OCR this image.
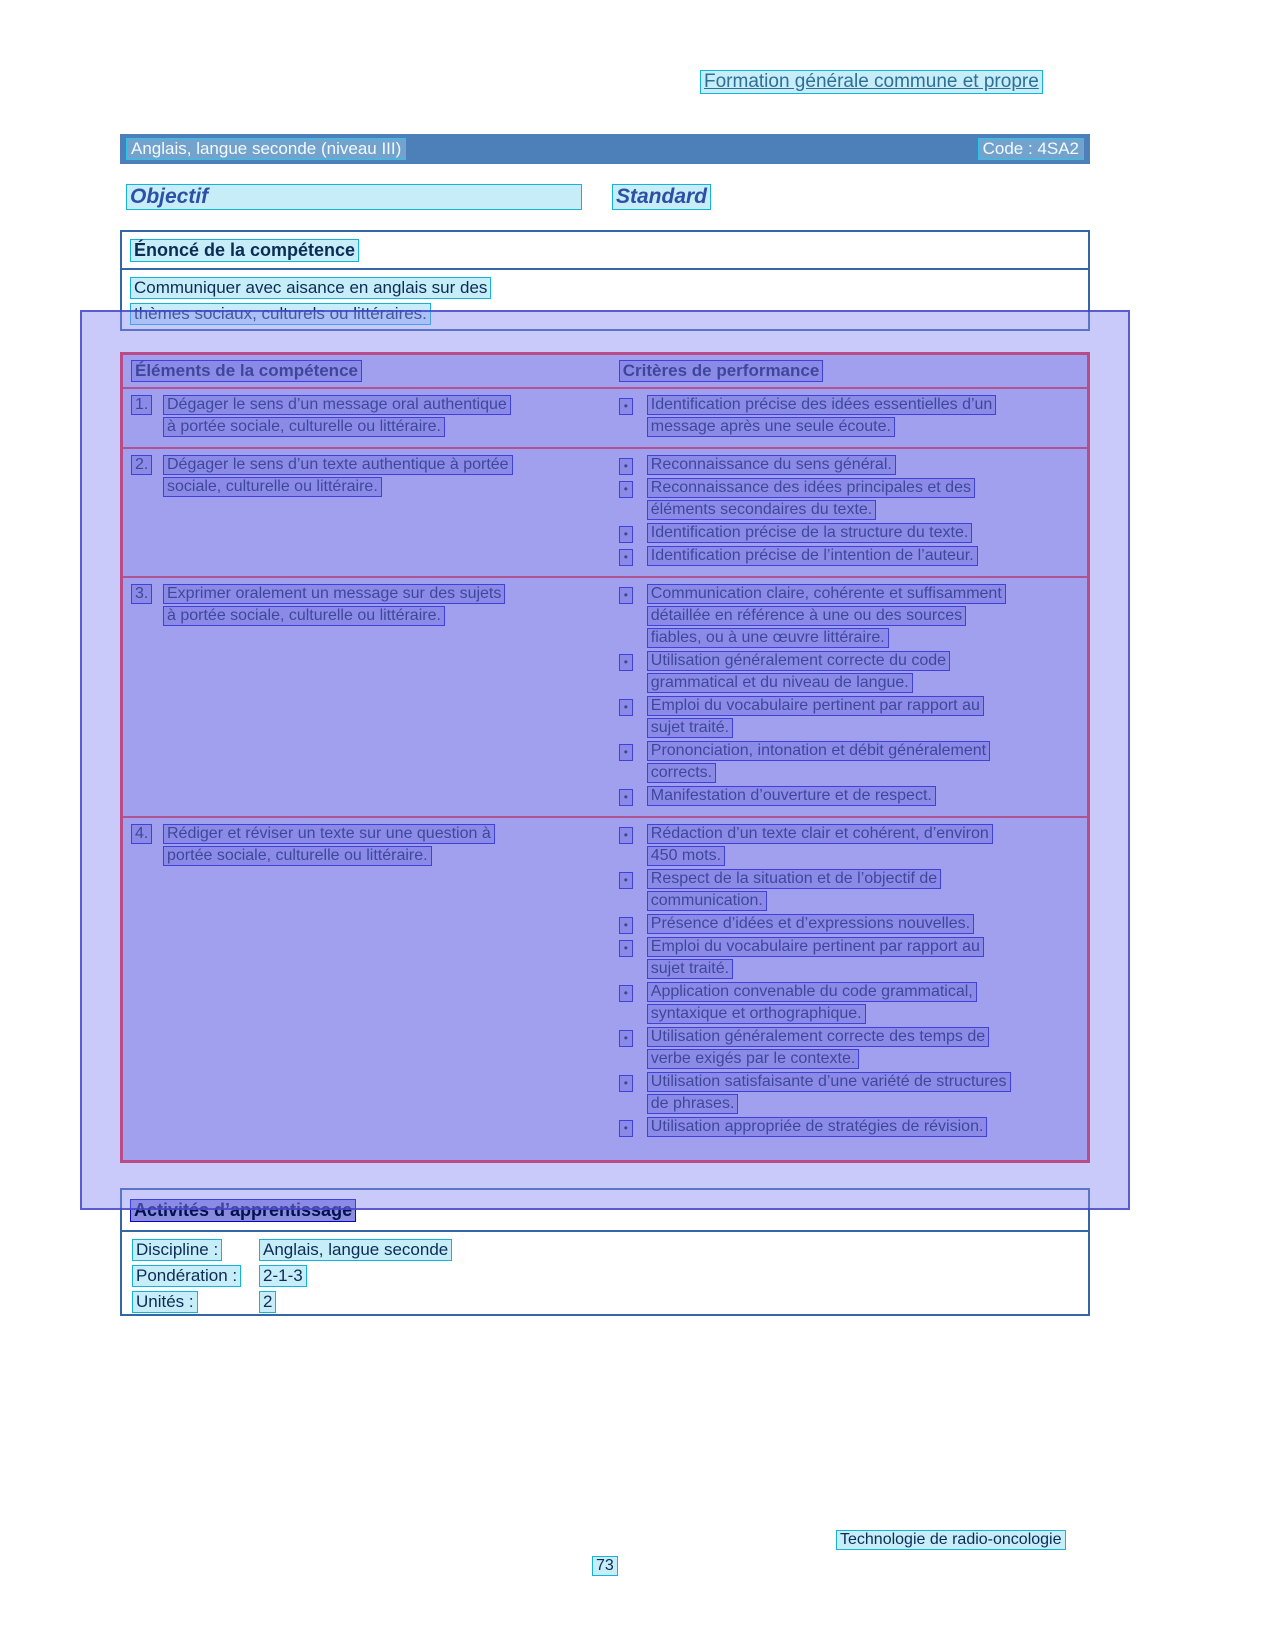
Formation générale commune et propre
Anglais, langue seconde (niveau III)	Code : 4SA2
Objectif	Standard
Énoncé de la compétence
Communiquer avec aisance en anglais sur des
thèmes sociaux, culturels ou littéraires.
Éléments de la compétence	Critères de performance
1.	Dégager le sens d’un message oral authentique
à portée sociale, culturelle ou littéraire.
•	Identification précise des idées essentielles d’un
message après une seule écoute.
2.	Dégager le sens d’un texte authentique à portée
sociale, culturelle ou littéraire.
•	Reconnaissance du sens général.
•	Reconnaissance des idées principales et des
éléments secondaires du texte.
•	Identification précise de la structure du texte.
•	Identification précise de l’intention de l’auteur.
3.	Exprimer oralement un message sur des sujets
à portée sociale, culturelle ou littéraire.
•	Communication claire, cohérente et suffisamment
détaillée en référence à une ou des sources
fiables, ou à une œuvre littéraire.
•	Utilisation généralement correcte du code
grammatical et du niveau de langue.
•	Emploi du vocabulaire pertinent par rapport au
sujet traité.
•	Prononciation, intonation et débit généralement
corrects.
•	Manifestation d’ouverture et de respect.
4.	Rédiger et réviser un texte sur une question à
portée sociale, culturelle ou littéraire.
•	Rédaction d’un texte clair et cohérent, d’environ
450 mots.
•	Respect de la situation et de l’objectif de
communication.
•	Présence d’idées et d’expressions nouvelles.
•	Emploi du vocabulaire pertinent par rapport au
sujet traité.
•	Application convenable du code grammatical,
syntaxique et orthographique.
•	Utilisation généralement correcte des temps de
verbe exigés par le contexte.
•	Utilisation satisfaisante d’une variété de structures
de phrases.
•	Utilisation appropriée de stratégies de révision.
Activités d’apprentissage
Discipline :	Anglais, langue seconde
Pondération :	2-1-3
Unités :	2
Technologie de radio-oncologie
73
